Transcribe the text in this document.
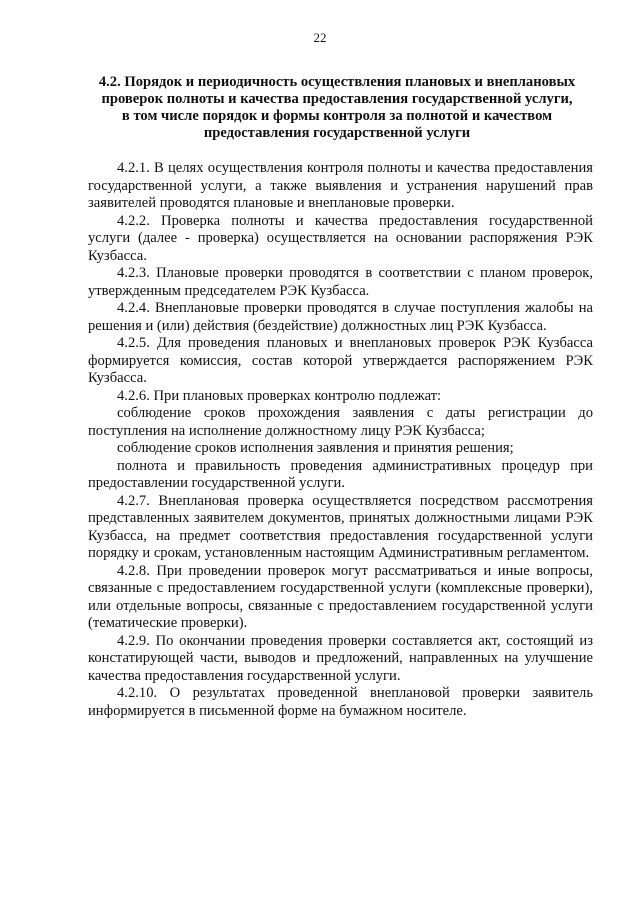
22
4.2. Порядок и периодичность осуществления плановых и внеплановых
проверок полноты и качества предоставления государственной услуги,
в том числе порядок и формы контроля за полнотой и качеством
предоставления государственной услуги

4.2.1. В целях осуществления контроля полноты и качества предоставления государственной услуги, а также выявления и устранения нарушений прав заявителей проводятся плановые и внеплановые проверки.

4.2.2. Проверка полноты и качества предоставления государственной услуги (далее - проверка) осуществляется на основании распоряжения РЭК Кузбасса.

4.2.3. Плановые проверки проводятся в соответствии с планом проверок, утвержденным председателем РЭК Кузбасса.

4.2.4. Внеплановые проверки проводятся в случае поступления жалобы на решения и (или) действия (бездействие) должностных лиц РЭК Кузбасса.

4.2.5. Для проведения плановых и внеплановых проверок РЭК Кузбасса формируется комиссия, состав которой утверждается распоряжением РЭК Кузбасса.

4.2.6. При плановых проверках контролю подлежат:

соблюдение сроков прохождения заявления с даты регистрации до поступления на исполнение должностному лицу РЭК Кузбасса;

соблюдение сроков исполнения заявления и принятия решения;

полнота и правильность проведения административных процедур при предоставлении государственной услуги.

4.2.7. Внеплановая проверка осуществляется посредством рассмотрения представленных заявителем документов, принятых должностными лицами РЭК Кузбасса, на предмет соответствия предоставления государственной услуги порядку и срокам, установленным настоящим Административным регламентом.

4.2.8. При проведении проверок могут рассматриваться и иные вопросы, связанные с предоставлением государственной услуги (комплексные проверки), или отдельные вопросы, связанные с предоставлением государственной услуги (тематические проверки).

4.2.9. По окончании проведения проверки составляется акт, состоящий из констатирующей части, выводов и предложений, направленных на улучшение качества предоставления государственной услуги.

4.2.10. О результатах проведенной внеплановой проверки заявитель информируется в письменной форме на бумажном носителе.
